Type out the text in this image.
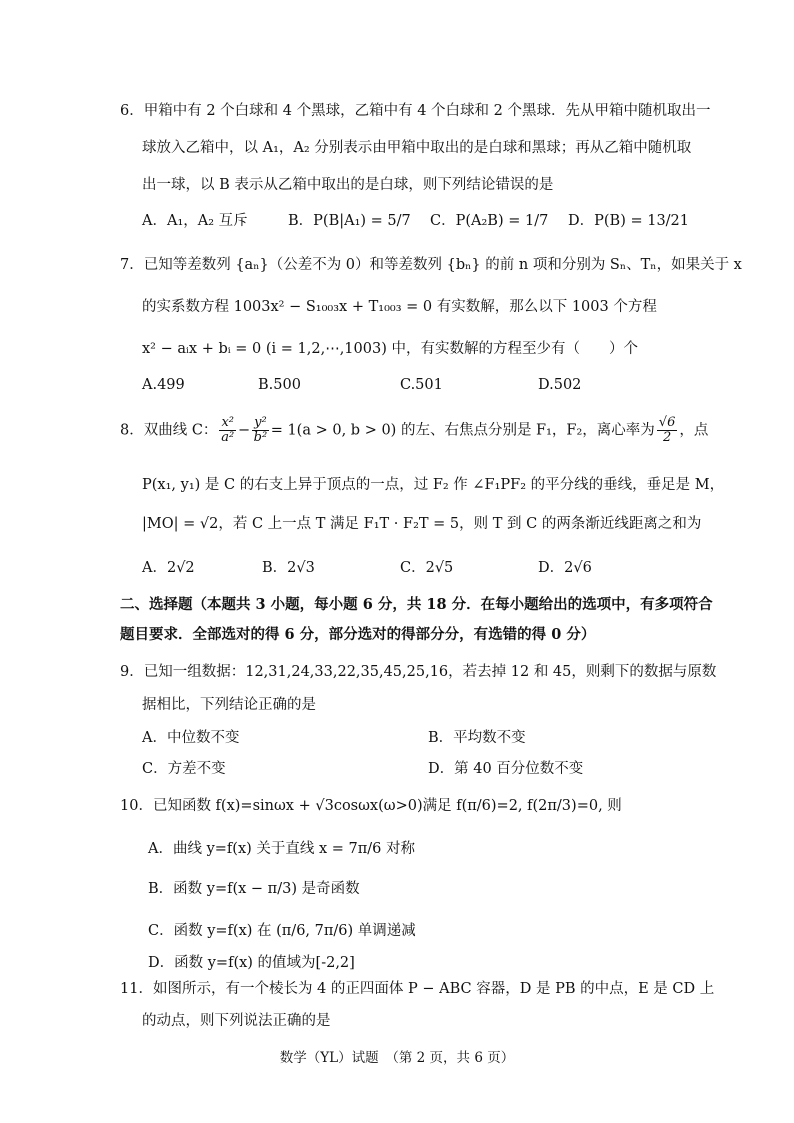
6．甲箱中有 2 个白球和 4 个黑球，乙箱中有 4 个白球和 2 个黑球．先从甲箱中随机取出一
球放入乙箱中，以 A₁，A₂ 分别表示由甲箱中取出的是白球和黑球；再从乙箱中随机取
出一球，以 B 表示从乙箱中取出的是白球，则下列结论错误的是
A．A₁，A₂ 互斥	B．P(B|A₁) = 5/7 C．P(A₂B) = 1/7 D．P(B) = 13/21
7．已知等差数列 {aₙ}（公差不为 0）和等差数列 {bₙ} 的前 n 项和分别为 Sₙ、Tₙ，如果关于 x
的实系数方程 1003x² − S₁₀₀₃x + T₁₀₀₃ = 0 有实数解，那么以下 1003 个方程
x² − aᵢx + bᵢ = 0 (i = 1,2,⋯,1003) 中，有实数解的方程至少有（　　）个
A.499	B.500	C.501	D.502
8．双曲线 C： $\frac{\text{x²}}{\text{a²}} - \frac{\text{y²}}{\text{b²}} = 1(a > 0$, b > 0) 的左、右焦点分别是 F₁，F₂，离心率为 $\frac{√6}{2}$ ，点
P(x₁, y₁) 是 C 的右支上异于顶点的一点，过 F₂ 作 ∠F₁PF₂ 的平分线的垂线，垂足是 M，
|MO| = √2，若 C 上一点 T 满足 F₁T · F₂T = 5，则 T 到 C 的两条渐近线距离之和为
A．2√2	B．2√3	C．2√5	D．2√6
二、选择题（本题共 3 小题，每小题 6 分，共 18 分．在每小题给出的选项中，有多项符合
题目要求．全部选对的得 6 分，部分选对的得部分分，有选错的得 0 分）
9．已知一组数据：12,31,24,33,22,35,45,25,16，若去掉 12 和 45，则剩下的数据与原数
据相比，下列结论正确的是
A．中位数不变	B．平均数不变
C．方差不变	D．第 40 百分位数不变
10．已知函数 f(x)=sinωx + √3cosωx(ω>0)满足 f(π/6)=2, f(2π/3)=0, 则
A．曲线 y=f(x) 关于直线 x = 7π/6 对称
B．函数 y=f(x − π/3) 是奇函数
C．函数 y=f(x) 在 (π/6, 7π/6) 单调递减
D．函数 y=f(x) 的值域为[-2,2]
11．如图所示，有一个棱长为 4 的正四面体 P − ABC 容器，D 是 PB 的中点，E 是 CD 上
的动点，则下列说法正确的是
数学（YL）试题　（第 2 页，共 6 页）
